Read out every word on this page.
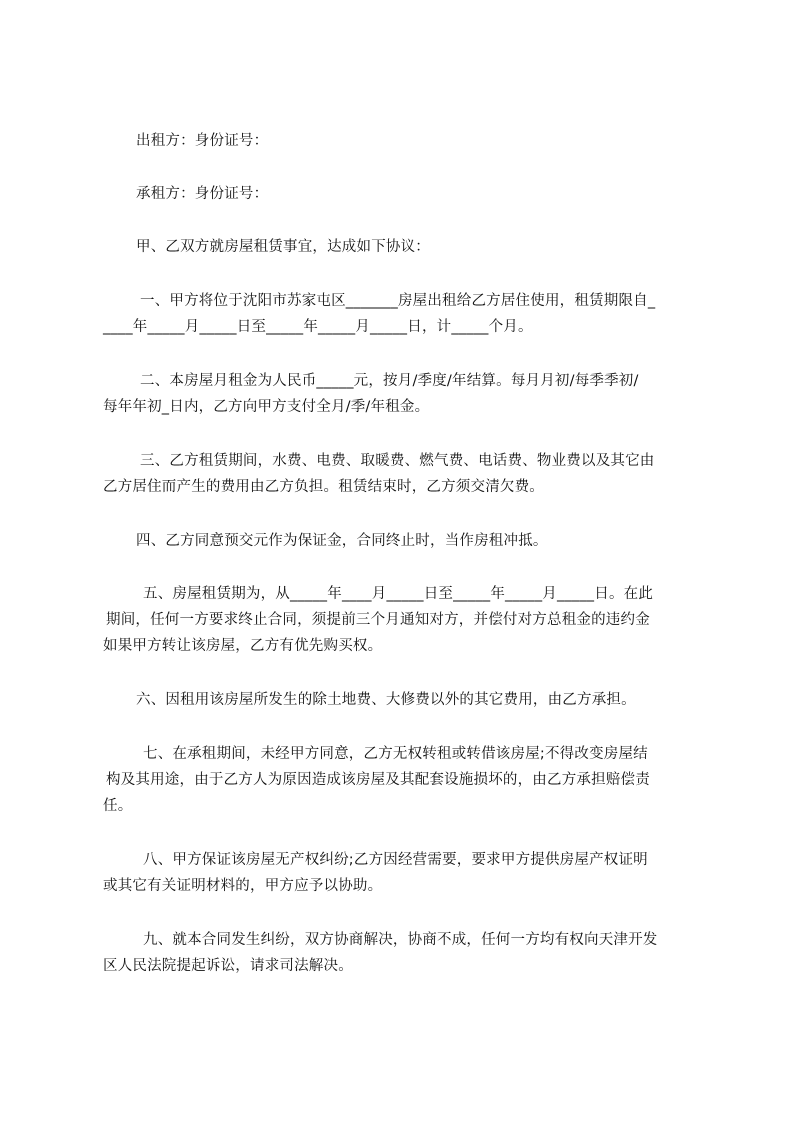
出租方：身份证号：
承租方：身份证号：
甲、乙双方就房屋租赁事宜，达成如下协议：
一、甲方将位于沈阳市苏家屯区_______房屋出租给乙方居住使用，租赁期限自_
____年_____月_____日至_____年_____月_____日，计_____个月。
二、本房屋月租金为人民币_____元，按月/季度/年结算。每月月初/每季季初/
每年年初_日内，乙方向甲方支付全月/季/年租金。
三、乙方租赁期间，水费、电费、取暖费、燃气费、电话费、物业费以及其它由
乙方居住而产生的费用由乙方负担。租赁结束时，乙方须交清欠费。
四、乙方同意预交元作为保证金，合同终止时，当作房租冲抵。
五、房屋租赁期为，从_____年____月_____日至_____年_____月_____日。在此
期间，任何一方要求终止合同，须提前三个月通知对方，并偿付对方总租金的违约金
如果甲方转让该房屋，乙方有优先购买权。
六、因租用该房屋所发生的除土地费、大修费以外的其它费用，由乙方承担。
七、在承租期间，未经甲方同意，乙方无权转租或转借该房屋;不得改变房屋结
构及其用途，由于乙方人为原因造成该房屋及其配套设施损坏的，由乙方承担赔偿责
任。
八、甲方保证该房屋无产权纠纷;乙方因经营需要，要求甲方提供房屋产权证明
或其它有关证明材料的，甲方应予以协助。
九、就本合同发生纠纷，双方协商解决，协商不成，任何一方均有权向天津开发
区人民法院提起诉讼，请求司法解决。
